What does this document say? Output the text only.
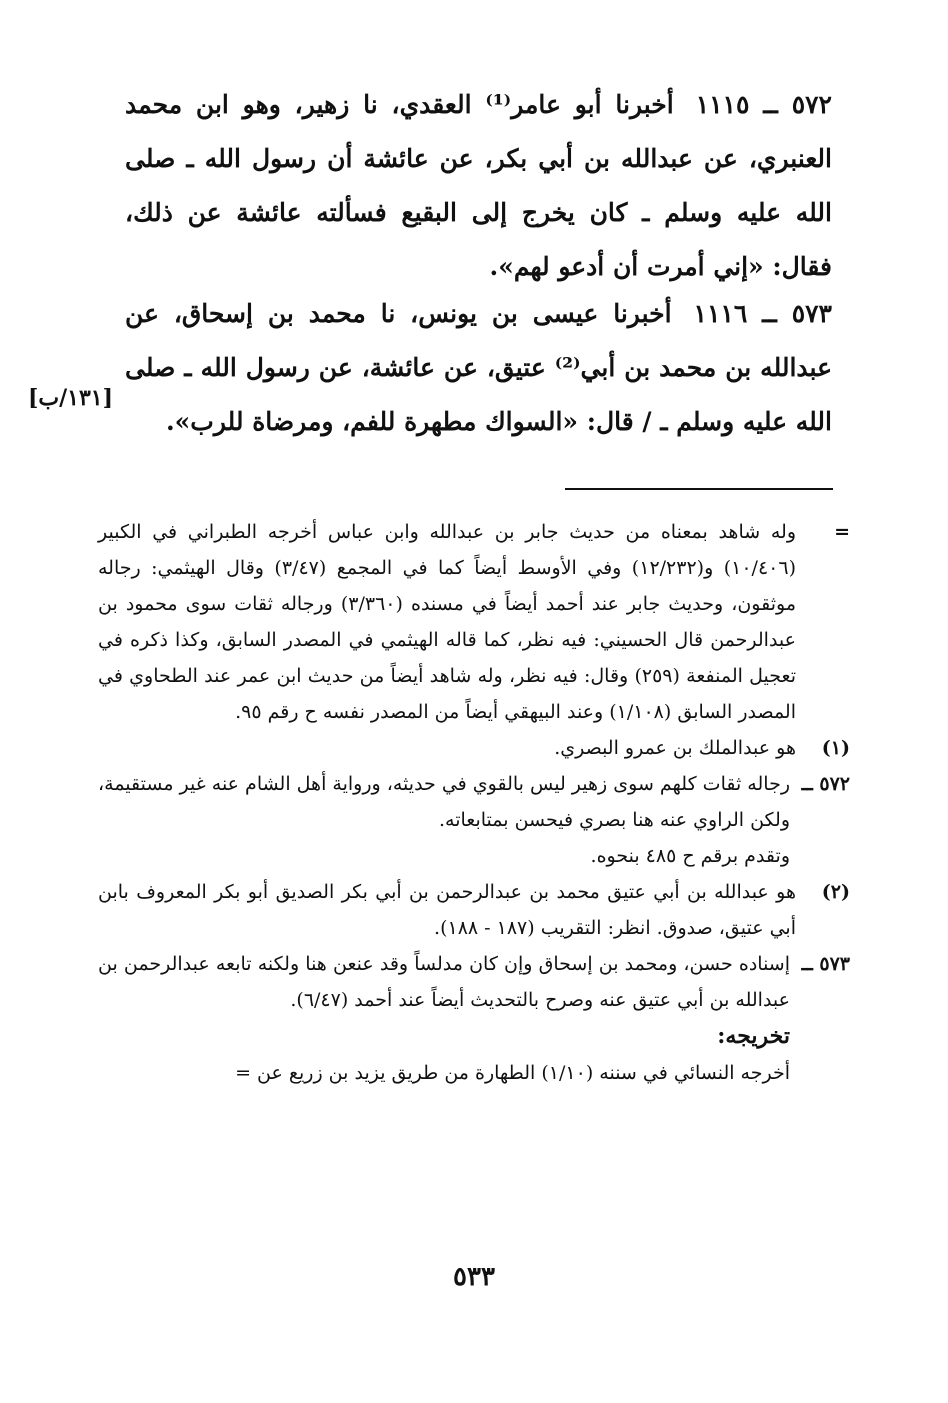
٥٧٢ ــ ١١١٥أخبرنا أبو عامر⁽¹⁾ العقدي، نا زهير، وهو ابن محمد العنبري، عن عبدالله بن أبي بكر، عن عائشة أن رسول الله ـ صلى الله عليه وسلم ـ كان يخرج إلى البقيع فسألته عائشة عن ذلك، فقال: «إني أمرت أن أدعو لهم».
٥٧٣ ــ ١١١٦أخبرنا عيسى بن يونس، نا محمد بن إسحاق، عن عبدالله بن محمد بن أبي⁽²⁾ عتيق، عن عائشة، عن رسول الله ـ صلى الله عليه وسلم ـ / قال: «السواك مطهرة للفم، ومرضاة للرب».
[١٣١/ب]
=
وله شاهد بمعناه من حديث جابر بن عبدالله وابن عباس أخرجه الطبراني في الكبير (١٠/٤٠٦) و(١٢/٢٣٢) وفي الأوسط أيضاً كما في المجمع (٣/٤٧) وقال الهيثمي: رجاله موثقون، وحديث جابر عند أحمد أيضاً في مسنده (٣/٣٦٠) ورجاله ثقات سوى محمود بن عبدالرحمن قال الحسيني: فيه نظر، كما قاله الهيثمي في المصدر السابق، وكذا ذكره في تعجيل المنفعة (٢٥٩) وقال: فيه نظر، وله شاهد أيضاً من حديث ابن عمر عند الطحاوي في المصدر السابق (١/١٠٨) وعند البيهقي أيضاً من المصدر نفسه ح رقم ٩٥.
(١)
هو عبدالملك بن عمرو البصري.
٥٧٢ ــ
رجاله ثقات كلهم سوى زهير ليس بالقوي في حديثه، ورواية أهل الشام عنه غير مستقيمة، ولكن الراوي عنه هنا بصري فيحسن بمتابعاته.
وتقدم برقم ح ٤٨٥ بنحوه.
(٢)
هو عبدالله بن أبي عتيق محمد بن عبدالرحمن بن أبي بكر الصديق أبو بكر المعروف بابن أبي عتيق، صدوق. انظر: التقريب (١٨٧ - ١٨٨).
٥٧٣ ــ
إسناده حسن، ومحمد بن إسحاق وإن كان مدلساً وقد عنعن هنا ولكنه تابعه عبدالرحمن بن عبدالله بن أبي عتيق عنه وصرح بالتحديث أيضاً عند أحمد (٦/٤٧).
تخريجه:
أخرجه النسائي في سننه (١/١٠) الطهارة من طريق يزيد بن زريع عن =
٥٣٣
